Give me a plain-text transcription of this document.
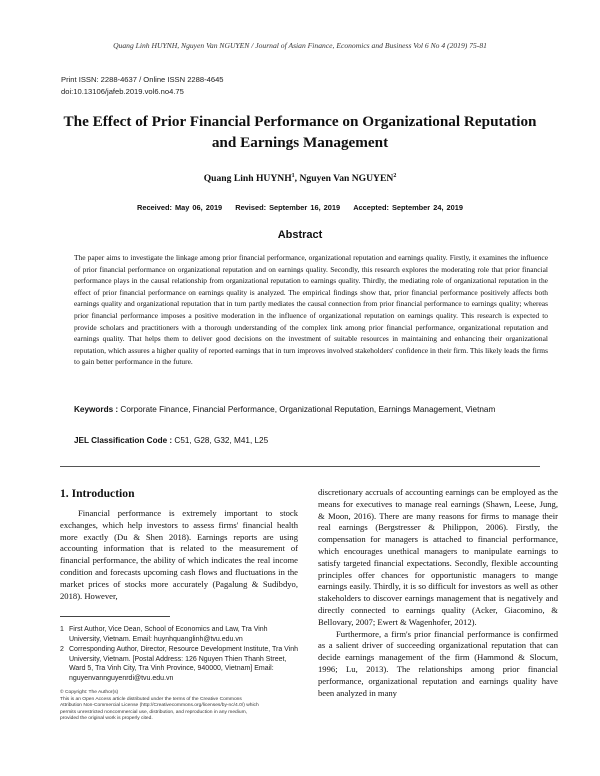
Quang Linh HUYNH, Nguyen Van NGUYEN / Journal of Asian Finance, Economics and Business Vol 6 No 4 (2019) 75-81
Print ISSN: 2288-4637 / Online ISSN 2288-4645
doi:10.13106/jafeb.2019.vol6.no4.75
The Effect of Prior Financial Performance on Organizational Reputation and Earnings Management
Quang Linh HUYNH$^1$, Nguyen Van NGUYEN$^2$
Received: May 06, 2019 Revised: September 16, 2019 Accepted: September 24, 2019
Abstract
The paper aims to investigate the linkage among prior financial performance, organizational reputation and earnings quality. Firstly, it examines the influence of prior financial performance on organizational reputation and on earnings quality. Secondly, this research explores the moderating role that prior financial performance plays in the causal relationship from organizational reputation to earnings quality. Thirdly, the mediating role of organizational reputation in the effect of prior financial performance on earnings quality is analyzed. The empirical findings show that, prior financial performance positively affects both earnings quality and organizational reputation that in turn partly mediates the causal connection from prior financial performance to earnings quality; whereas prior financial performance imposes a positive moderation in the influence of organizational reputation on earnings quality. This research is expected to provide scholars and practitioners with a thorough understanding of the complex link among prior financial performance, organizational reputation and earnings quality. That helps them to deliver good decisions on the investment of suitable resources in maintaining and enhancing their organizational reputation, which assures a higher quality of reported earnings that in turn improves involved stakeholders' confidence in their firm. This likely leads the firms to gain better performance in the future.
Keywords : Corporate Finance, Financial Performance, Organizational Reputation, Earnings Management, Vietnam
JEL Classification Code : C51, G28, G32, M41, L25
1. Introduction
Financial performance is extremely important to stock exchanges, which help investors to assess firms' financial health more exactly (Du & Shen 2018). Earnings reports are using accounting information that is related to the measurement of financial performance, the ability of which indicates the real income condition and forecasts upcoming cash flows and fluctuations in the market prices of stocks more accurately (Pagalung & Sudibdyo, 2018). However,

discretionary accruals of accounting earnings can be employed as the means for executives to manage real earnings (Shawn, Leese, Jung, & Moon, 2016). There are many reasons for firms to manage their real earnings (Bergstresser & Philippon, 2006). Firstly, the compensation for managers is attached to financial performance, which encourages unethical managers to manipulate earnings to satisfy targeted financial expectations. Secondly, flexible accounting principles offer chances for opportunistic managers to mange earnings easily. Thirdly, it is so difficult for investors as well as other stakeholders to discover earnings management that is negatively and directly connected to earnings quality (Acker, Giacomino, & Bellovary, 2007; Ewert & Wagenhofer, 2012).

Furthermore, a firm's prior financial performance is confirmed as a salient driver of succeeding organizational reputation that can decide earnings management of the firm (Hammond & Slocum, 1996; Lu, 2013). The relationships among prior financial performance, organizational reputation and earnings quality have been analyzed in many

1 First Author, Vice Dean, School of Economics and Law, Tra Vinh University, Vietnam. Email: huynhquanglinh@tvu.edu.vn
2 Corresponding Author, Director, Resource Development Institute, Tra Vinh University, Vietnam. [Postal Address: 126 Nguyen Thien Thanh Street, Ward 5, Tra Vinh City, Tra Vinh Province, 940000, Vietnam] Email: nguyenvannguyenrdi@tvu.edu.vn
© Copyright: The Author(s)
This is an Open Access article distributed under the terms of the Creative Commons
Attribution Non-Commercial License (http://Creativecommons.org/licenses/by-nc/4.0/) which
permits unrestricted noncommercial use, distribution, and reproduction in any medium,
provided the original work is properly cited.
